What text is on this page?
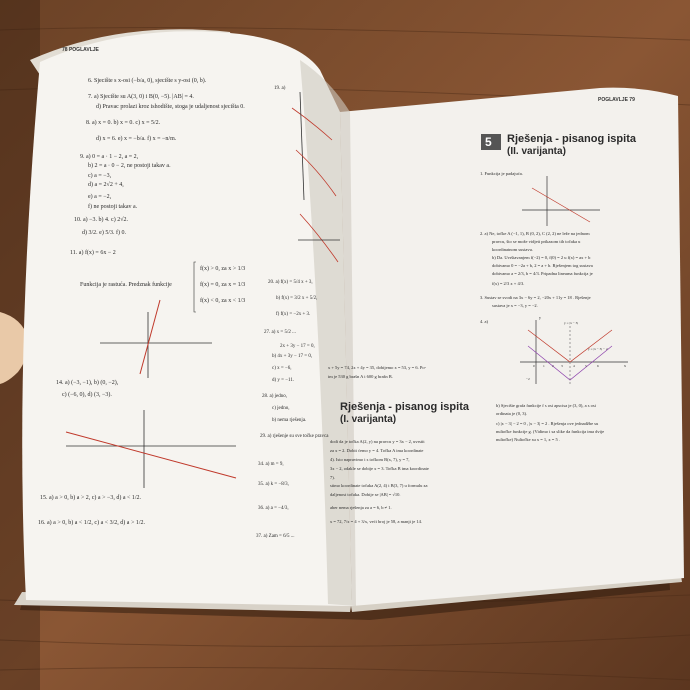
78 POGLAVLJE

6. Sjecište s x-osi (−b/a, 0), sjecište s y-osi (0, b).

7. a) Sjecište su A(3, 0) i B(0, −5). |AB| = 4.

d) Pravac prolazi kroz ishodište, stoga je udaljenost sjecišta 0.

8. a) x = 0. b) x = 0. c) x = 5/2.

d) x = 6. e) x = −b/a. f) x = −n/m.

9. a) 0 = a · 1 − 2, a = 2,

b) 2 = a · 0 − 2, ne postoji takav a.

c) a = −3,

d) a = 2√2 + 4,

e) a = −2,

f) ne postoji takav a.

10. a) −3. b) 4. c) 2√2.

d) 3/2. e) 5/3. f) 0.

11. a) f(x) = 6x − 2

Funkcija je rastuća. Predznak funkcije

f(x) > 0, za x > 1/3

f(x) = 0, za x = 1/3

f(x) < 0, za x < 1/3

14. a) (−3, −1), b) (0, −2),

c) (−6, 0), d) (3, −3).

15. a) a > 0, b) a > 2, c) a > −3, d) a < 1/2.

16. a) a > 0, b) a < 1/2, c) a < 3/2, d) a > 1/2.

19. a)

20. a) f(x) = 5/4 x + 3,

b) f(x) = 3/2 x + 5/2,

f) f(x) = −2x + 3.

27. a) x = 5/2 ...

2x + 3y − 17 = 0,

b) 4x + 3y − 17 = 0,

c) x = −6,

d) y = −11.

28. a) jedno,

c) jedno,

b) nema rješenja.

29. a) rješenje su sve točke pravca

34. a) m = 9,

35. a) k = −8/3,

36. a) a = −4/3,

37. a) Zam = 6/5 ...

Rješenja - pisanog ispita

(I. varijanta)

x + 5y = 74, 2x + 4y = 35, dobijemo x = 53, y = 6. Po-

im je 530 g brašn A i 600 g brašn B.

dodi da je točka A(2, y) na pravcu y = 3x − 2, uvrstit

za x = 2. Dobit ćemo y = 4. Točka A ima koordinate

4). Isto napravimo i s točkom B(x, 7), y = 7,

3x − 2, odakle se dobije x = 3. Točka B ima koordinate

7).

stimo koordinate točaka A(2, 4) i B(3, 7) u formulu za

daljenost točaka. Dobije se |AB| = √10.

aber nema rješenja za a = 6, b ≠ 1.

x = 72, 7/x = 4 + 3/x, veći broj je 58, a manji je 14.

POGLAVLJE 79

5 Rješenja - pisanog ispita

(II. varijanta)

1. Funkcija je padajuća.

2. a) Ne, točke A (−1, 1), B (0, 2), C (2, 2) ne leže na jednom

pravcu, što se može vidjeti prikazom tih točaka u

koordinatnom sustavu.

b) Da. Uvrštavanjem f(−2) = 0, f(0) = 2 u f(x) = ax + b

dobivamo 0 = −2a + b, 2 = a + b. Rješenjem tog sustava

dobivamo a = 2/3, b = 4/3. Pripadna linearna funkcija je

f(x) = 2/3 x + 4/3.

3. Sustav se svodi na 3x − 6y = 2, −20x + 11y = 18 . Rješenje

sustava je x = −3, y = −2.

4. a)

b) Sjecište grafa funkcije f s osi apscisa je (3, 0), a s osi

ordinata je (0, 3).

c) |x − 3| − 2 = 0 , |x − 3| = 2 . Rješenja ove jednadžbe su

nultočke funkcije g. (Vidimo i sa slike da funkcija ima dvije

nultočke) Nultočke su x = 1, x = 5 .

y

x

y = |x − 3|

y = |x − 3| − 2

0 1 2 3	4	5	6

−2
